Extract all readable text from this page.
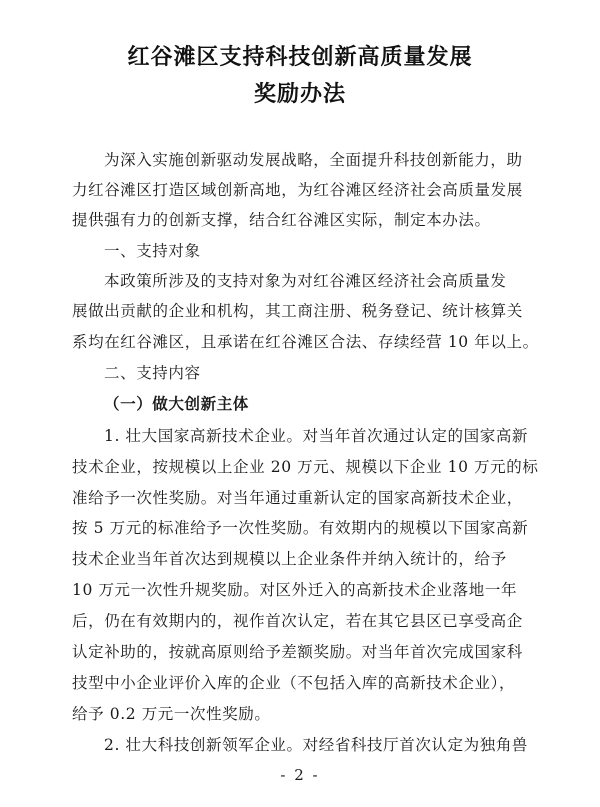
红谷滩区支持科技创新高质量发展
奖励办法
为深入实施创新驱动发展战略，全面提升科技创新能力，助
力红谷滩区打造区域创新高地，为红谷滩区经济社会高质量发展
提供强有力的创新支撑，结合红谷滩区实际，制定本办法。
一、支持对象
本政策所涉及的支持对象为对红谷滩区经济社会高质量发
展做出贡献的企业和机构，其工商注册、税务登记、统计核算关
系均在红谷滩区，且承诺在红谷滩区合法、存续经营 10 年以上。
二、支持内容
（一）做大创新主体
1. 壮大国家高新技术企业。对当年首次通过认定的国家高新
技术企业，按规模以上企业 20 万元、规模以下企业 10 万元的标
准给予一次性奖励。对当年通过重新认定的国家高新技术企业，
按 5 万元的标准给予一次性奖励。有效期内的规模以下国家高新
技术企业当年首次达到规模以上企业条件并纳入统计的，给予
10 万元一次性升规奖励。对区外迁入的高新技术企业落地一年
后，仍在有效期内的，视作首次认定，若在其它县区已享受高企
认定补助的，按就高原则给予差额奖励。对当年首次完成国家科
技型中小企业评价入库的企业（不包括入库的高新技术企业），
给予 0.2 万元一次性奖励。
2. 壮大科技创新领军企业。对经省科技厅首次认定为独角兽
- 2 -
